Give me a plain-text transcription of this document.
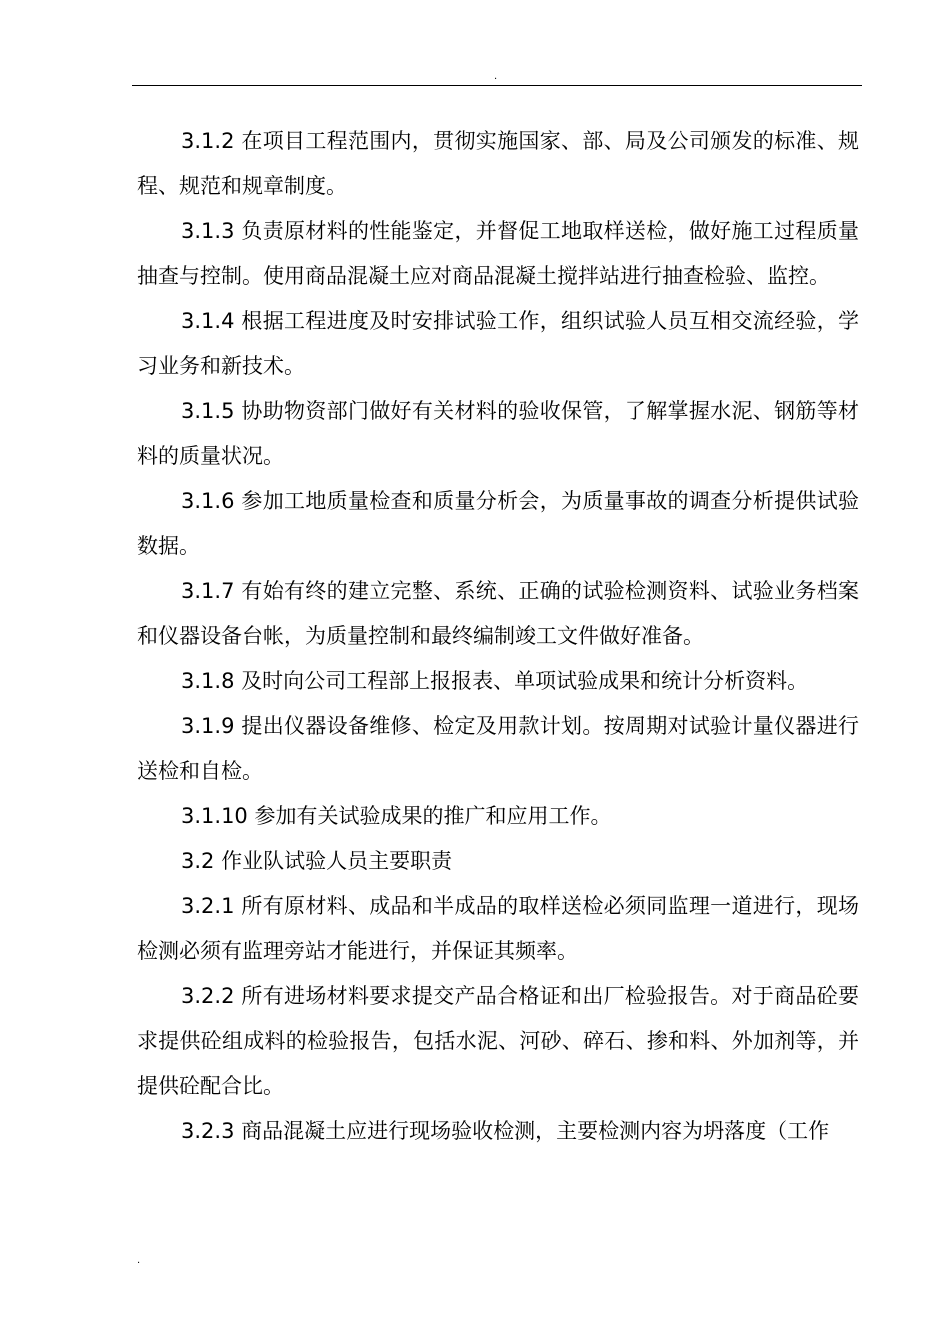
.

3.1.2 在项目工程范围内，贯彻实施国家、部、局及公司颁发的标准、规程、规范和规章制度。

3.1.3 负责原材料的性能鉴定，并督促工地取样送检，做好施工过程质量抽查与控制。使用商品混凝土应对商品混凝土搅拌站进行抽查检验、监控。

3.1.4 根据工程进度及时安排试验工作，组织试验人员互相交流经验，学习业务和新技术。

3.1.5 协助物资部门做好有关材料的验收保管，了解掌握水泥、钢筋等材料的质量状况。

3.1.6 参加工地质量检查和质量分析会，为质量事故的调查分析提供试验数据。

3.1.7 有始有终的建立完整、系统、正确的试验检测资料、试验业务档案和仪器设备台帐，为质量控制和最终编制竣工文件做好准备。

3.1.8 及时向公司工程部上报报表、单项试验成果和统计分析资料。

3.1.9 提出仪器设备维修、检定及用款计划。按周期对试验计量仪器进行送检和自检。

3.1.10 参加有关试验成果的推广和应用工作。

3.2 作业队试验人员主要职责

3.2.1 所有原材料、成品和半成品的取样送检必须同监理一道进行，现场检测必须有监理旁站才能进行，并保证其频率。

3.2.2 所有进场材料要求提交产品合格证和出厂检验报告。对于商品砼要求提供砼组成料的检验报告，包括水泥、河砂、碎石、掺和料、外加剂等，并提供砼配合比。

3.2.3 商品混凝土应进行现场验收检测，主要检测内容为坍落度（工作

.
